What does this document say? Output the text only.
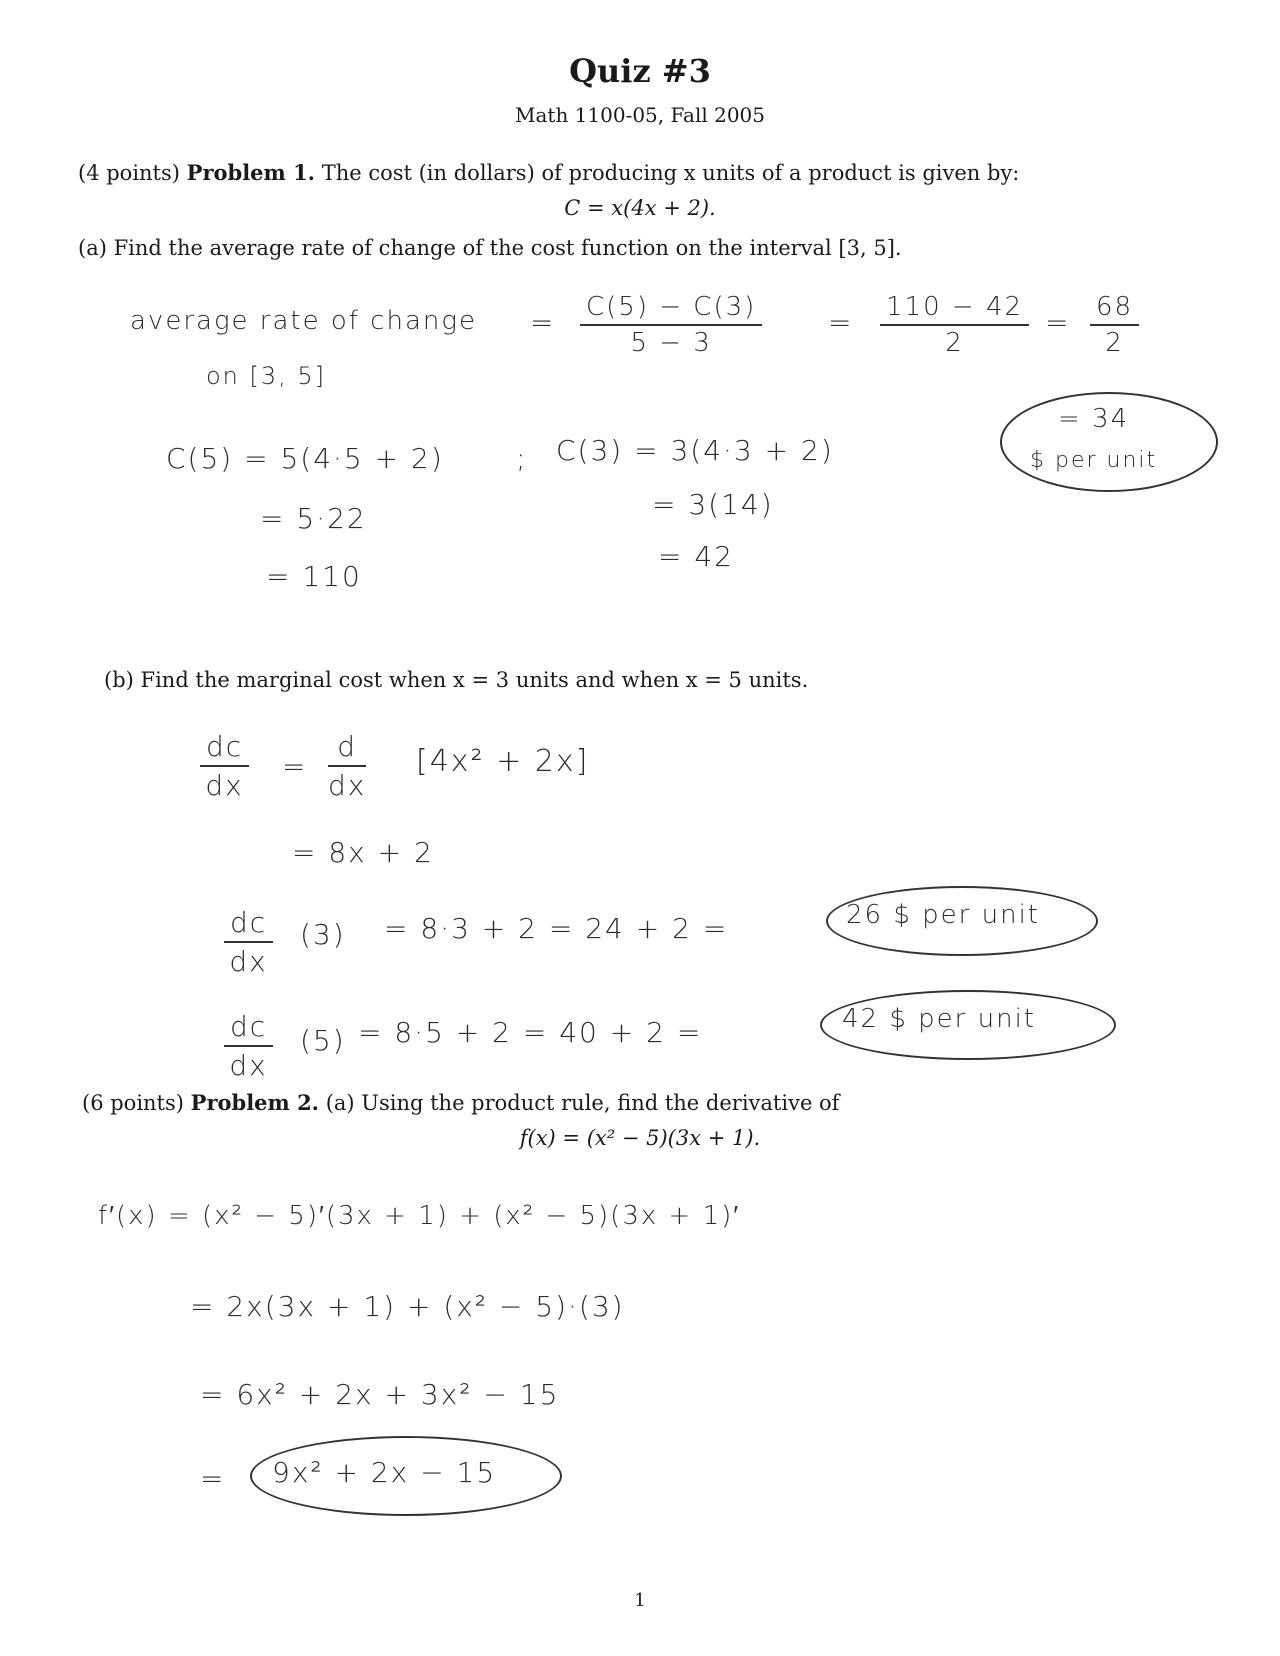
Quiz #3
Math 1100-05, Fall 2005
(4 points) Problem 1. The cost (in dollars) of producing x units of a product is given by:
C = x(4x + 2).
(a) Find the average rate of change of the cost function on the interval [3, 5].
average rate of change
on [3, 5]
= $\frac{C(5) - C(3)}{5 - 3} = \frac{110 - 42}{2} = \frac{68}{2}$
= 34
$ per unit
C(5) = 5(4·5 + 2)
= 5·22
= 110
; C(3) = 3(4·3 + 2)
= 3(14)
= 42
(b) Find the marginal cost when x = 3 units and when x = 5 units.
$\frac{dc}{dx} = \frac{d}{dx} [4x^2 + 2x]$
= 8x + 2
$\frac{dc}{dx} (3) = 8\cdot 3 + 2 = 24 + 2$ =	26 $ per unit
$\frac{dc}{dx} (5) = 8\cdot 5 + 2 = 40 + 2$ =	42 $ per unit
(6 points) Problem 2. (a) Using the product rule, find the derivative of
f(x) = (x² − 5)(3x + 1).
f′(x) = (x² − 5)′(3x + 1) + (x² − 5)(3x + 1)′
= 2x(3x + 1) + (x² − 5)·(3)
= 6x² + 2x + 3x² − 15
= 9x² + 2x − 15
1
